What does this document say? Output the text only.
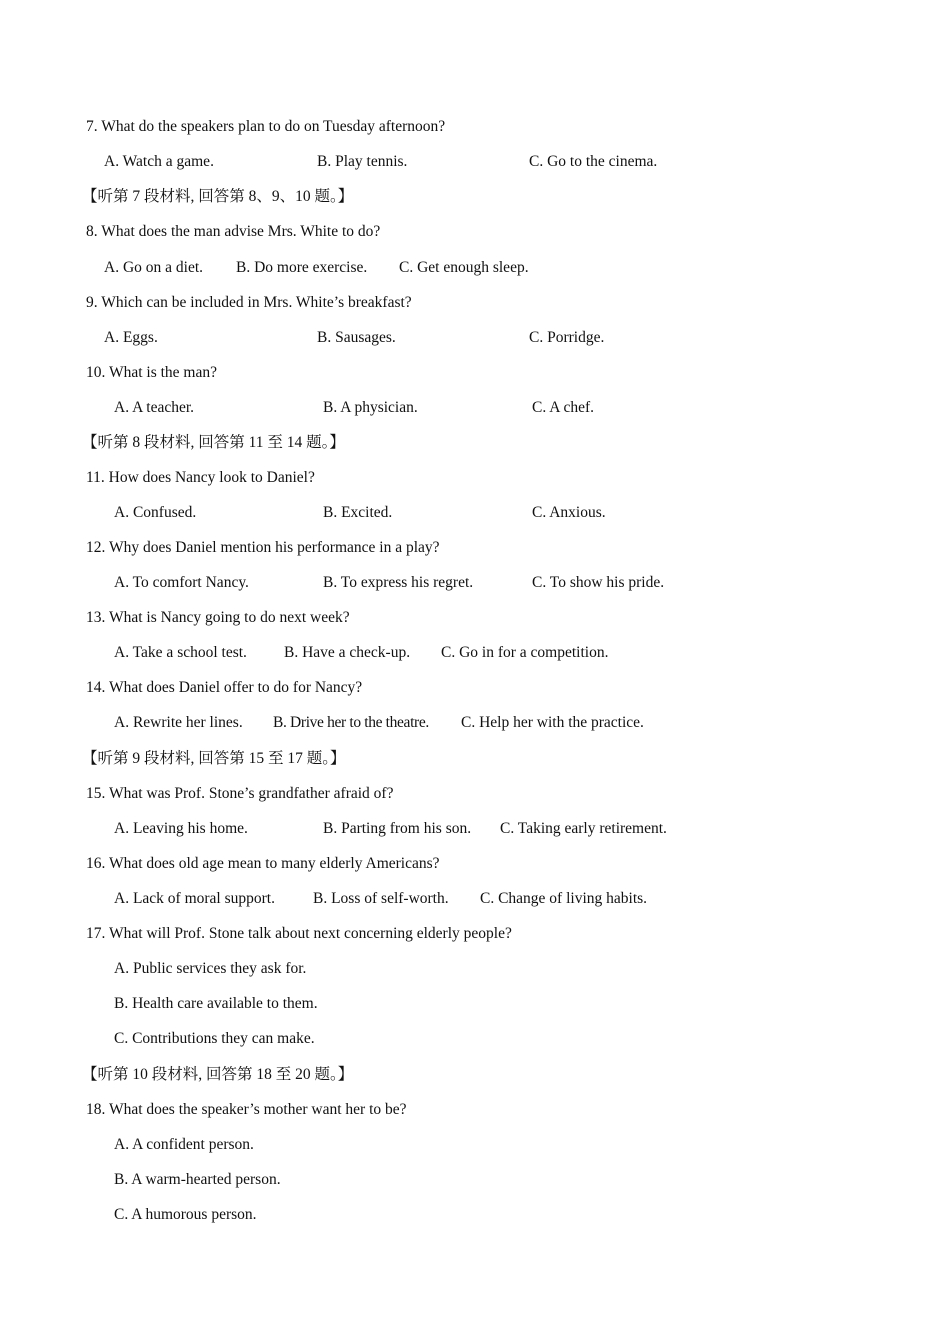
7. What do the speakers plan to do on Tuesday afternoon?
A. Watch a game.	B. Play tennis.	C. Go to the cinema.
【听第 7 段材料, 回答第 8、9、10 题。】
8. What does the man advise Mrs. White to do?
A. Go on a diet. B. Do more exercise. C. Get enough sleep.
9. Which can be included in Mrs. White’s breakfast?
A. Eggs.	B. Sausages.	C. Porridge.
10. What is the man?
A. A teacher.	B. A physician.	C. A chef.
【听第 8 段材料, 回答第 11 至 14 题。】
11. How does Nancy look to Daniel?
A. Confused.	B. Excited.	C. Anxious.
12. Why does Daniel mention his performance in a play?
A. To comfort Nancy.	B. To express his regret.	C. To show his pride.
13. What is Nancy going to do next week?
A. Take a school test. B. Have a check-up. C. Go in for a competition.
14. What does Daniel offer to do for Nancy?
A. Rewrite her lines. B. Drive her to the theatre. C. Help her with the practice.
【听第 9 段材料, 回答第 15 至 17 题。】
15. What was Prof. Stone’s grandfather afraid of?
A. Leaving his home.	B. Parting from his son. C. Taking early retirement.
16. What does old age mean to many elderly Americans?
A. Lack of moral support. B. Loss of self-worth. C. Change of living habits.
17. What will Prof. Stone talk about next concerning elderly people?
A. Public services they ask for.
B. Health care available to them.
C. Contributions they can make.
【听第 10 段材料, 回答第 18 至 20 题。】
18. What does the speaker’s mother want her to be?
A. A confident person.
B. A warm-hearted person.
C. A humorous person.
